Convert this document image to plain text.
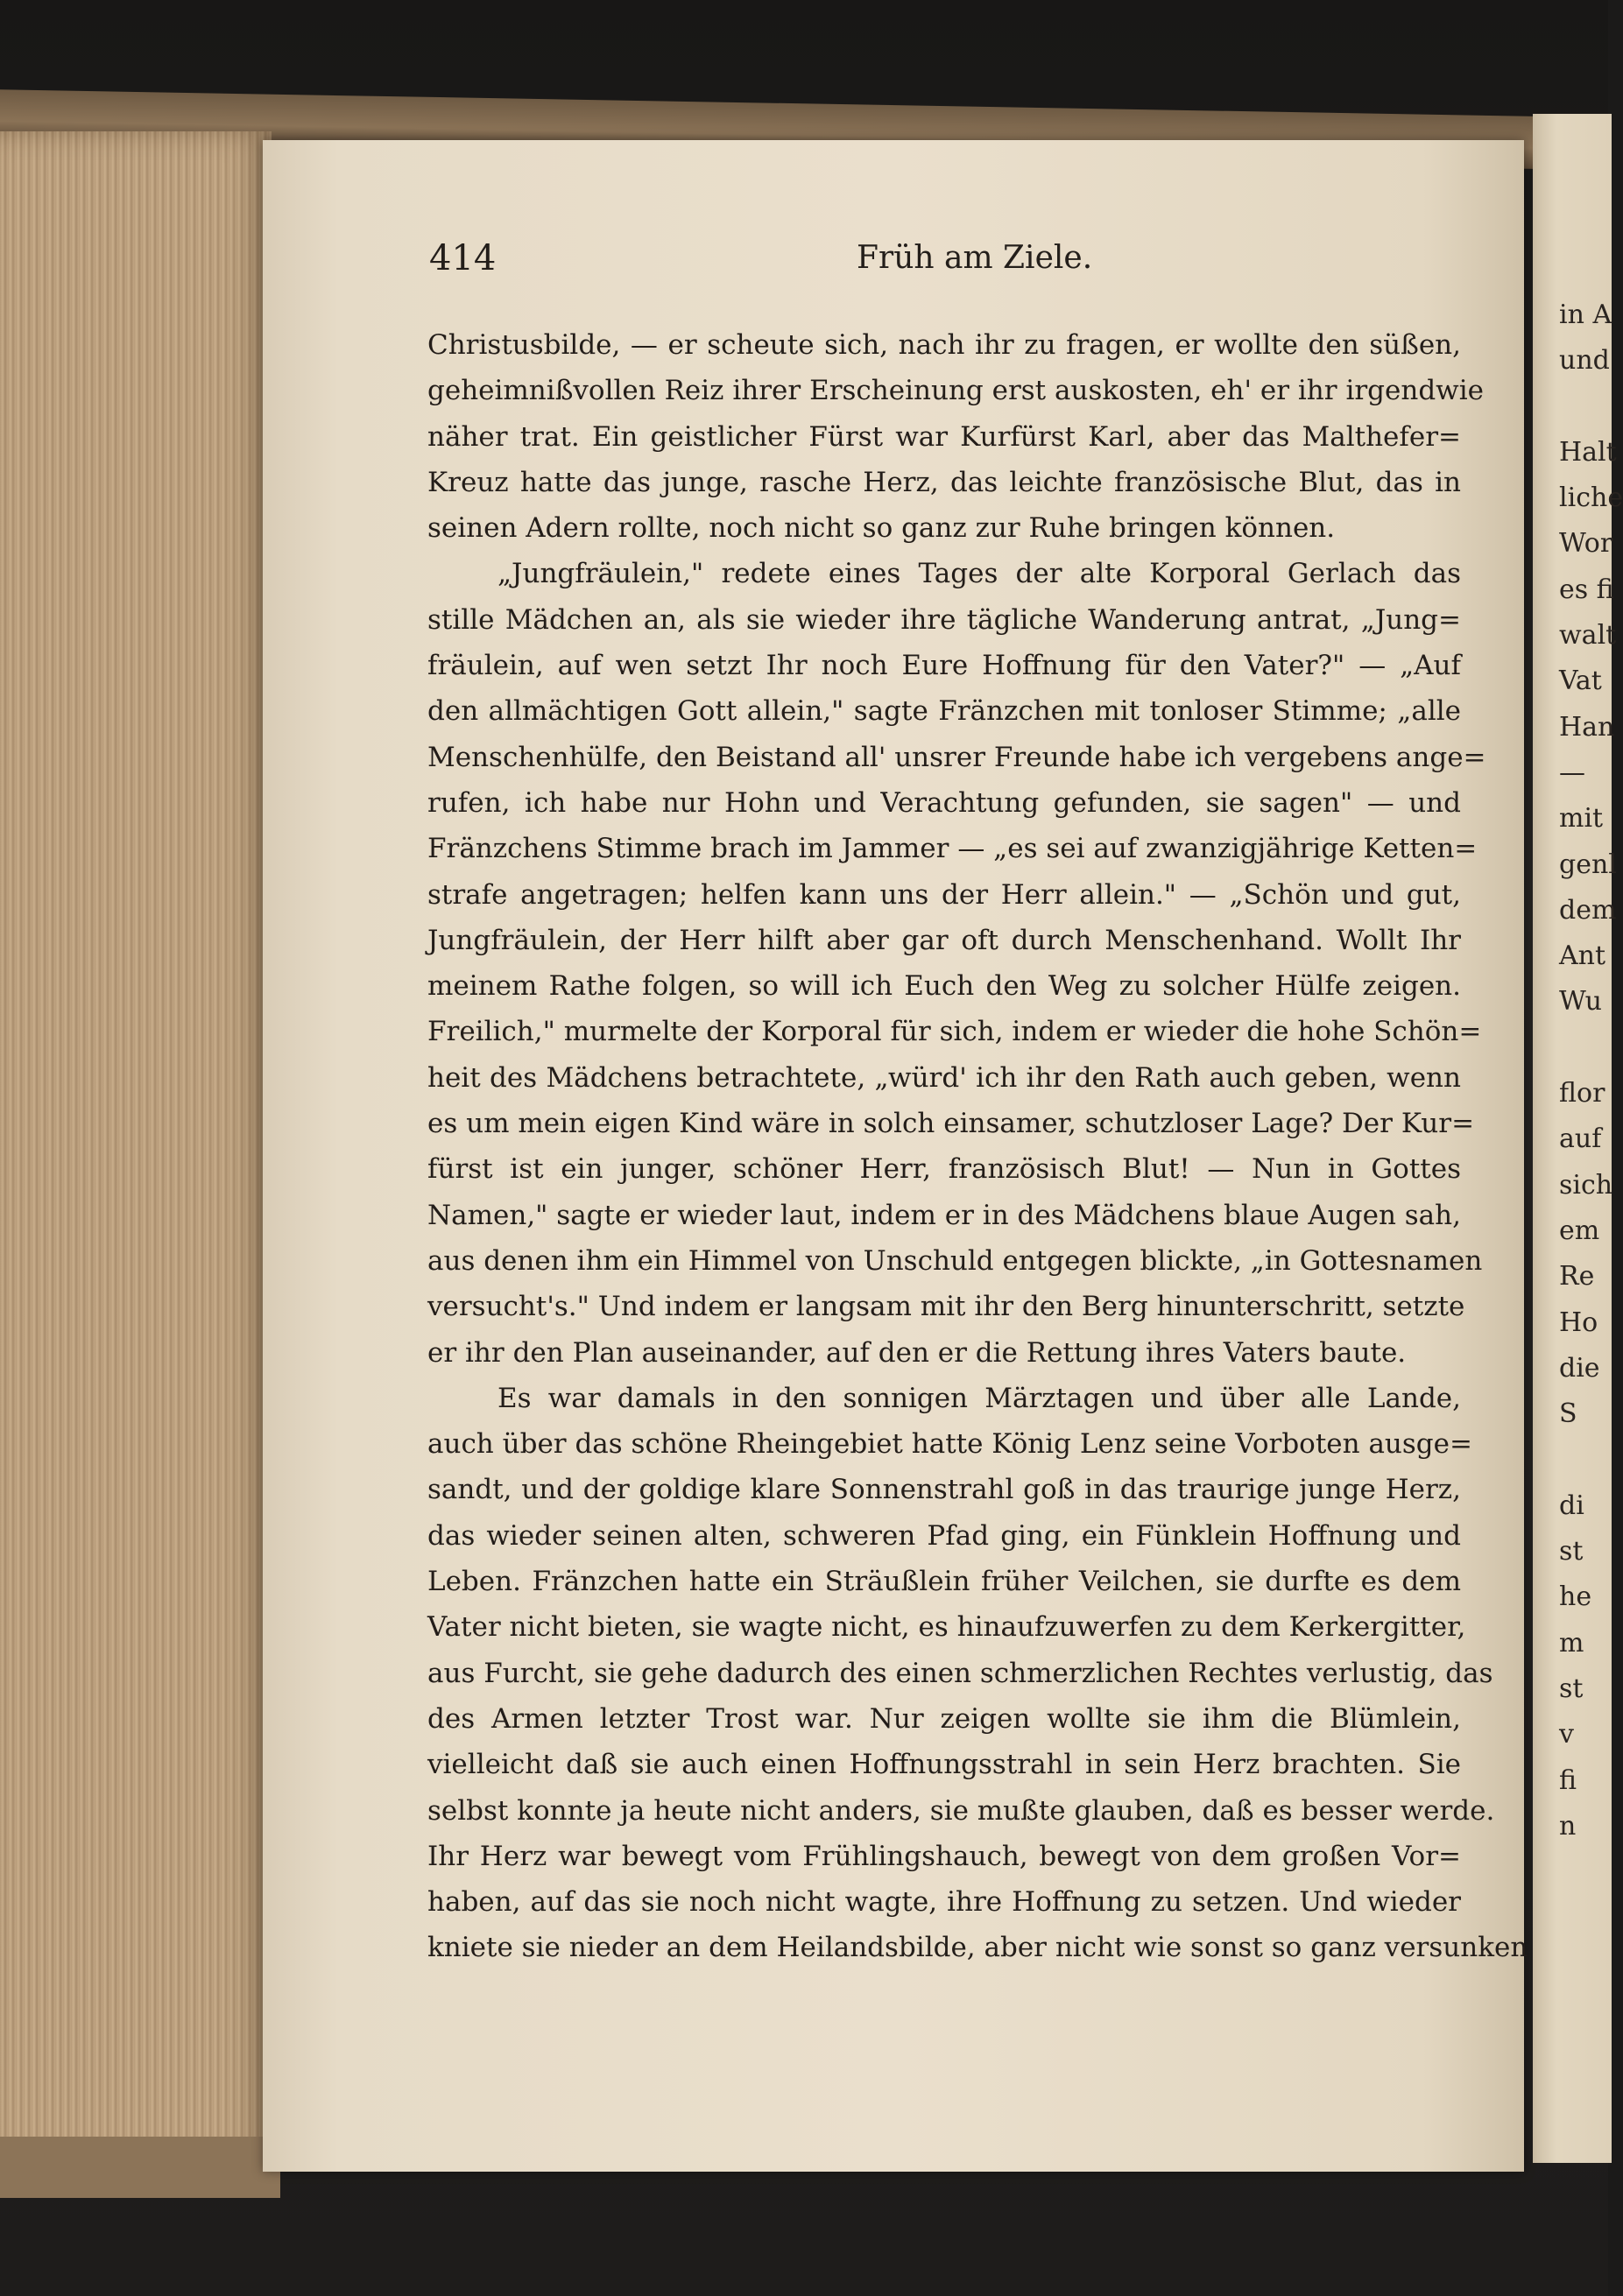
in A
und
Halt
liche
Wor
es fi
walt
Vat
Han
—
mit
genl
dem
Ant
Wu
flor
auf
sich
em
Re
Ho
die
S
di
st
he
m
st
v
fi
n
414	Früh am Ziele.
Christusbilde, — er scheute sich, nach ihr zu fragen, er wollte den süßen,
geheimnißvollen Reiz ihrer Erscheinung erst auskosten, eh' er ihr irgendwie
näher trat. Ein geistlicher Fürst war Kurfürst Karl, aber das Malthefer=
Kreuz hatte das junge, rasche Herz, das leichte französische Blut, das in
seinen Adern rollte, noch nicht so ganz zur Ruhe bringen können.
„Jungfräulein," redete eines Tages der alte Korporal Gerlach das
stille Mädchen an, als sie wieder ihre tägliche Wanderung antrat, „Jung=
fräulein, auf wen setzt Ihr noch Eure Hoffnung für den Vater?" — „Auf
den allmächtigen Gott allein," sagte Fränzchen mit tonloser Stimme; „alle
Menschenhülfe, den Beistand all' unsrer Freunde habe ich vergebens ange=
rufen, ich habe nur Hohn und Verachtung gefunden, sie sagen" — und
Fränzchens Stimme brach im Jammer — „es sei auf zwanzigjährige Ketten=
strafe angetragen; helfen kann uns der Herr allein." — „Schön und gut,
Jungfräulein, der Herr hilft aber gar oft durch Menschenhand. Wollt Ihr
meinem Rathe folgen, so will ich Euch den Weg zu solcher Hülfe zeigen.
Freilich," murmelte der Korporal für sich, indem er wieder die hohe Schön=
heit des Mädchens betrachtete, „würd' ich ihr den Rath auch geben, wenn
es um mein eigen Kind wäre in solch einsamer, schutzloser Lage? Der Kur=
fürst ist ein junger, schöner Herr, französisch Blut! — Nun in Gottes
Namen," sagte er wieder laut, indem er in des Mädchens blaue Augen sah,
aus denen ihm ein Himmel von Unschuld entgegen blickte, „in Gottesnamen
versucht's." Und indem er langsam mit ihr den Berg hinunterschritt, setzte
er ihr den Plan auseinander, auf den er die Rettung ihres Vaters baute.
Es war damals in den sonnigen Märztagen und über alle Lande,
auch über das schöne Rheingebiet hatte König Lenz seine Vorboten ausge=
sandt, und der goldige klare Sonnenstrahl goß in das traurige junge Herz,
das wieder seinen alten, schweren Pfad ging, ein Fünklein Hoffnung und
Leben. Fränzchen hatte ein Sträußlein früher Veilchen, sie durfte es dem
Vater nicht bieten, sie wagte nicht, es hinaufzuwerfen zu dem Kerkergitter,
aus Furcht, sie gehe dadurch des einen schmerzlichen Rechtes verlustig, das
des Armen letzter Trost war. Nur zeigen wollte sie ihm die Blümlein,
vielleicht daß sie auch einen Hoffnungsstrahl in sein Herz brachten. Sie
selbst konnte ja heute nicht anders, sie mußte glauben, daß es besser werde.
Ihr Herz war bewegt vom Frühlingshauch, bewegt von dem großen Vor=
haben, auf das sie noch nicht wagte, ihre Hoffnung zu setzen. Und wieder
kniete sie nieder an dem Heilandsbilde, aber nicht wie sonst so ganz versunken
